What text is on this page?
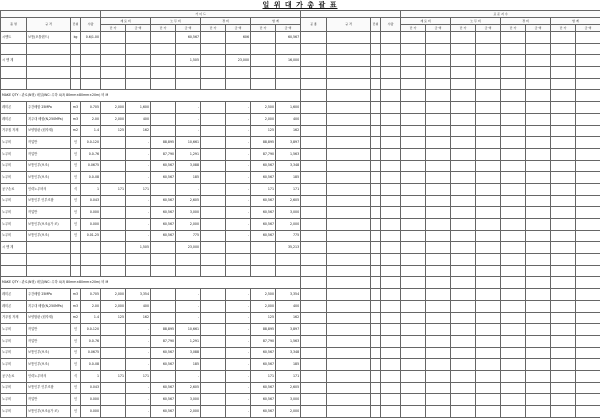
일 위 대 가 총 괄 표
				가 이 드							
품 명	규 격	단위	수량	재 료 비		노 무 비		경 비		합 계	
				단 가	금 액	단 가	금 액	단 가	금 액	단 가	금 액
시멘트	보통(포틀랜드)	kg	0.6/1.00				60,567		606		60,567

시 멘 계							1,505		23,000		16,000

MAKE QTY : 관로(N형) 매설(WC: 수하 4(폭 80mm×80mm×20m) 비 M											
레미콘	주간배합 25MPa	m3	0.705	2,000	1,600		-		-	2,500	1,600
레미콘	지주대 배합(N,250MPa)	m3	2.00	2,000	400		-		-	2,000	400
거푸집 자재	보양합판 (원자재)	m2	1.4	125	162		-		-	125	162
노무비	작업반	인	0.0-120		-	88,895	10,661		-	88,895	3,897
노무비	작업반	인	0.0-76		-	87,790	1,291		-	87,790	1,563
노무비	보통인부(보조)	인	0.0675		-	60,567	3,088		-	60,567	3,348
노무비	보통인부(보조)	인	0.0-08		-	60,567	185		-	60,567	185
공구손료	인력노무비의	식	1	171	171		-		-	171	171
노무비	보통인부 인부조합	인	0.043		-	60,567	2,605		-	60,567	2,605
노무비	작업반	인	0.000		-	60,567	3,000		-	60,567	3,000
노무비	보통인부(보조)(가 조)	인	0.000		-	60,567	2,000		-	60,567	2,000
노무비	보통인부(보조)	인	0.01-25		-	60,567	775		-	60,567	775
시 멘 계					1,505		23,000				35,213

MAKE QTY : 관로(N형) 매설(WC: 수하 4(폭 80mm×80mm×20m) 비 M											
레미콘	주간배합 25MPa	m3	0.705	2,000	3,354		-		-	2,500	3,354
레미콘	지주대 배합(N,250MPa)	m3	2.00	2,000	400		-		-	2,000	400
거푸집 자재	보양합판 (원자재)	m2	1.4	125	162		-		-	125	162
노무비	작업반	인	0.0-120		-	88,895	10,661		-	88,895	3,897
노무비	작업반	인	0.0-76		-	87,790	1,291		-	87,790	1,563
노무비	보통인부(보조)	인	0.0675		-	60,567	3,088		-	60,567	3,348
노무비	보통인부(보조)	인	0.0-08		-	60,567	185		-	60,567	185
공구손료	인력노무비의	식	1	171	171		-		-	171	171
노무비	보통인부 인부조합	인	0.043		-	60,567	2,605		-	60,567	2,605
노무비	작업반	인	0.000		-	60,567	3,000		-	60,567	3,000
노무비	보통인부(보조)(가 조)	인	0.000		-	60,567	2,000		-	60,567	2,000
				표 준 지 수							
공 종	규 격	단위	수량	재 료 비		노 무 비		경 비		합 계	
				단 가	금 액	단 가	금 액	단 가	금 액	단 가	금 액
